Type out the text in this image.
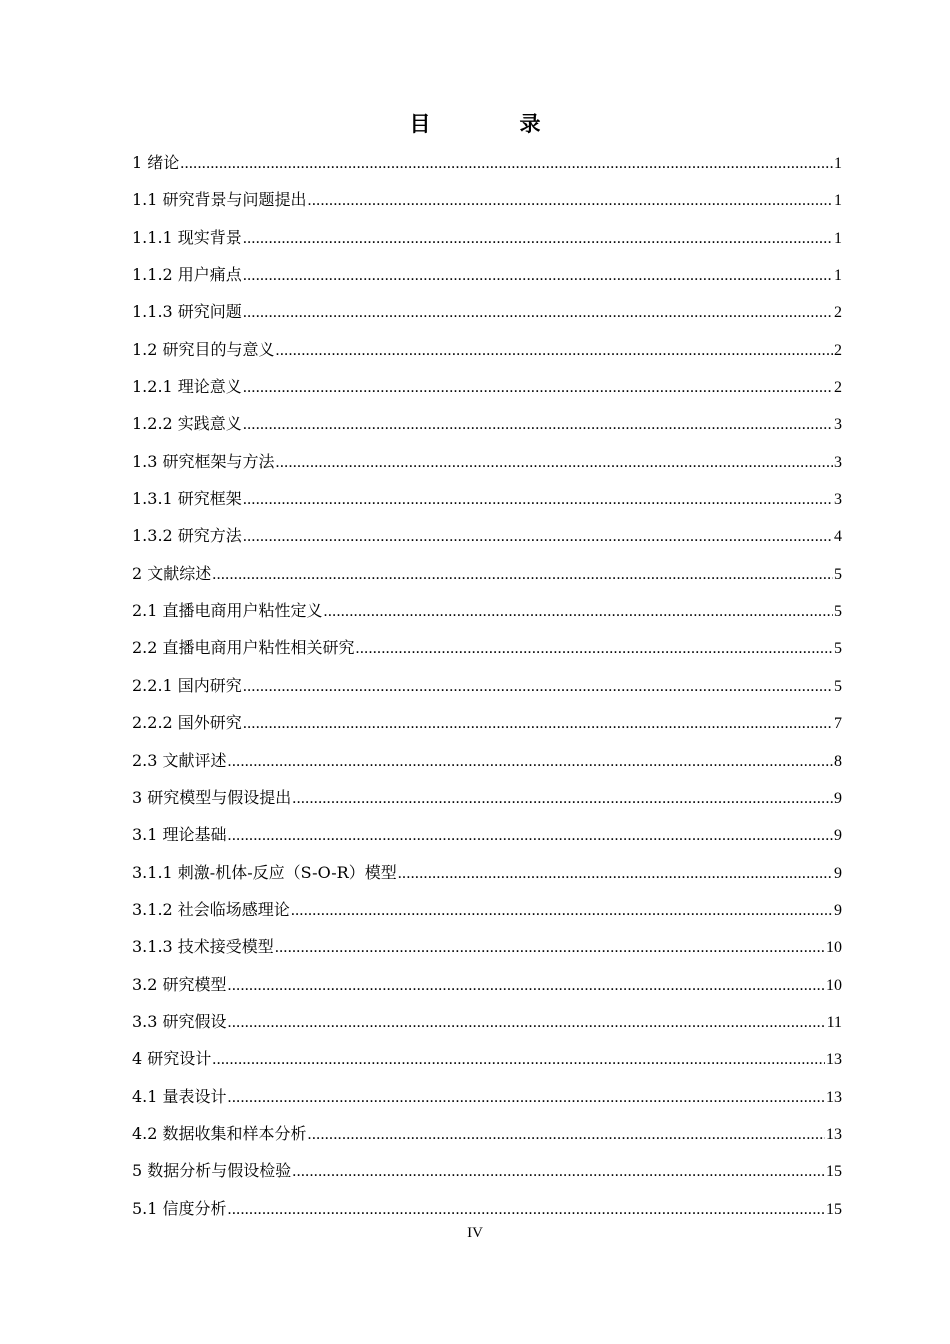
目　录
1 绪论 .....	1
1.1 研究背景与问题提出 .....	1
1.1.1 现实背景 .....	1
1.1.2 用户痛点 .....	1
1.1.3 研究问题 .....	2
1.2 研究目的与意义 .....	2
1.2.1 理论意义 .....	2
1.2.2 实践意义 .....	3
1.3 研究框架与方法 .....	3
1.3.1 研究框架 .....	3
1.3.2 研究方法 .....	4
2 文献综述 .....	5
2.1 直播电商用户粘性定义 .....	5
2.2 直播电商用户粘性相关研究 .....	5
2.2.1 国内研究 .....	5
2.2.2 国外研究 .....	7
2.3 文献评述 .....	8
3 研究模型与假设提出 .....	9
3.1 理论基础 .....	9
3.1.1 刺激-机体-反应（S-O-R）模型 .....	9
3.1.2 社会临场感理论 .....	9
3.1.3 技术接受模型 .....	10
3.2 研究模型 .....	10
3.3 研究假设 .....	11
4 研究设计 .....	13
4.1 量表设计 .....	13
4.2 数据收集和样本分析 .....	13
5 数据分析与假设检验 .....	15
5.1 信度分析 .....	15
IV
